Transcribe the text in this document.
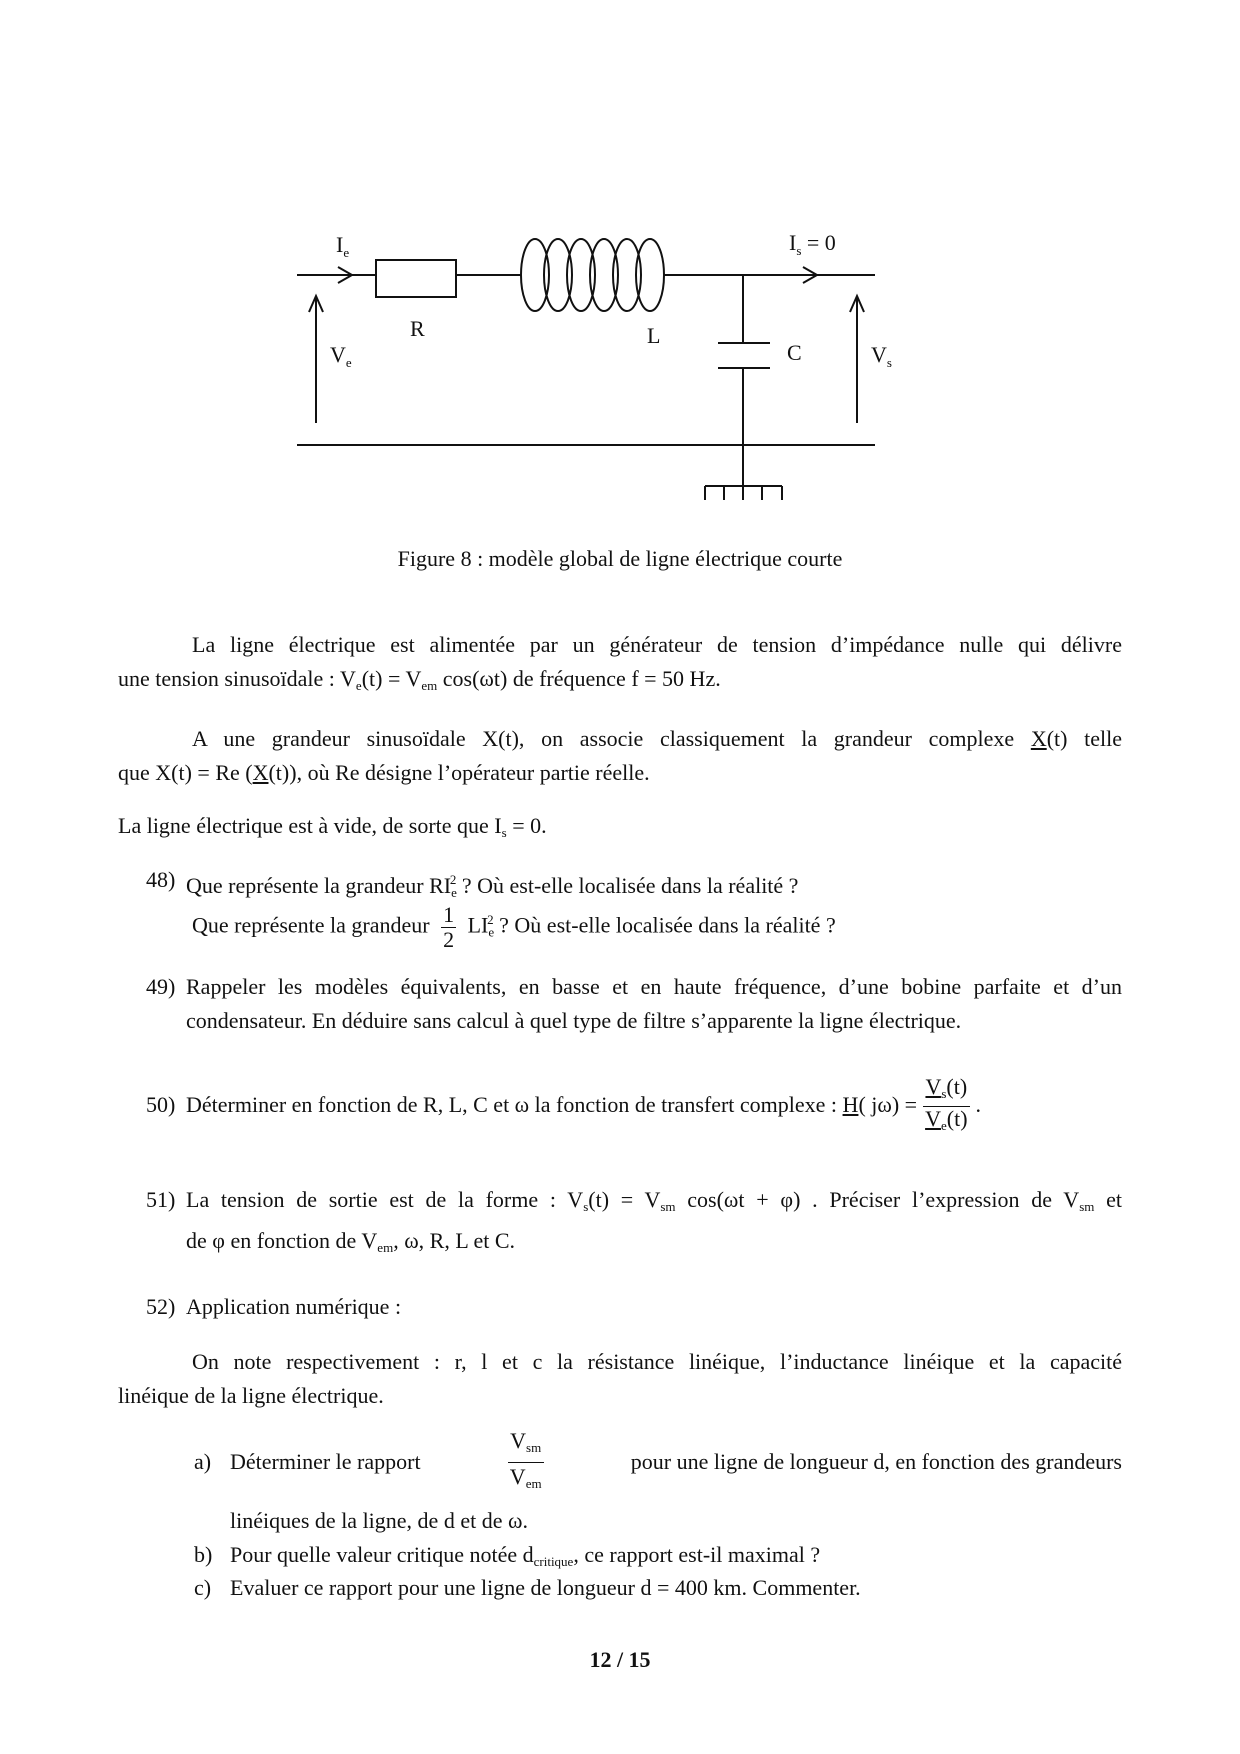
$I_e$	$I_s = 0$
R	L
C
$V_e$	$V_s$
Figure 8 : modèle global de ligne électrique courte
La ligne électrique est alimentée par un générateur de tension d’impédance nulle qui délivre
une tension sinusoïdale : $V_e(t) = V_{em}$ cos(ωt) de fréquence f = 50 Hz.
A une grandeur sinusoïdale X(t), on associe classiquement la grandeur complexe X(t) telle
que X(t) = Re (X(t)), où Re désigne l’opérateur partie réelle.
La ligne électrique est à vide, de sorte que $I_s = 0$.
48) Que représente la grandeur $RI_e^2$ ? Où est-elle localisée dans la réalité ?
Que représente la grandeur $\frac{1}{2} LI_e^2$ ? Où est-elle localisée dans la réalité ?
49) Rappeler les modèles équivalents, en basse et en haute fréquence, d’une bobine parfaite et d’un condensateur. En déduire sans calcul à quel type de filtre s’apparente la ligne électrique.
50) Déterminer en fonction de R, L, C et ω la fonction de transfert complexe : H( $j\omega) = \frac{V_s(t)}{V_e(t)}$ .
51) La tension de sortie est de la forme : $V_s(t) = V_{sm}$ cos(ωt + φ) . Préciser l’expression de $V_{sm}$ et
de φ en fonction de $V_{em}$, ω, R, L et C.
52) Application numérique :
On note respectivement : r, l et c la résistance linéique, l’inductance linéique et la capacité
linéique de la ligne électrique.
a) Déterminer le rapport	$\frac{V_{sm}}{V_{em}}$	pour une ligne de longueur d, en fonction des grandeurs
linéiques de la ligne, de d et de ω.
b) Pour quelle valeur critique notée $d_{critique}$, ce rapport est-il maximal ?
c) Evaluer ce rapport pour une ligne de longueur d = 400 km. Commenter.
12 / 15
